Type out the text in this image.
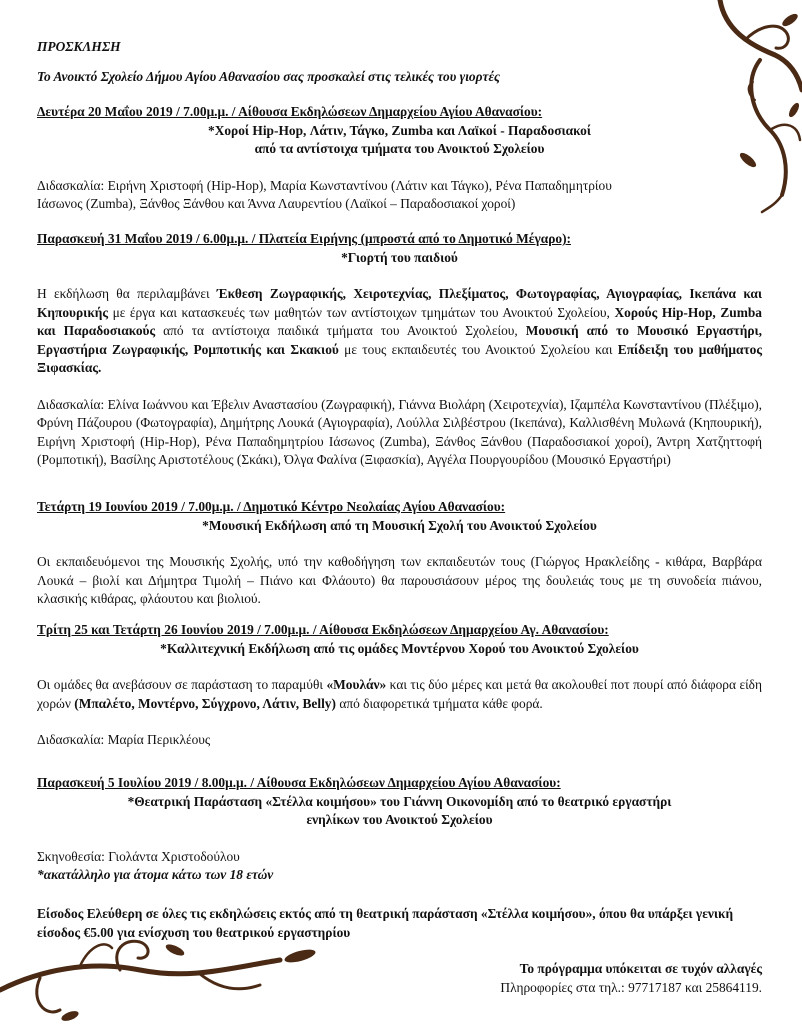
ΠΡΟΣΚΛΗΣΗ
Το Ανοικτό Σχολείο Δήμου Αγίου Αθανασίου σας προσκαλεί στις τελικές του γιορτές
Δευτέρα 20 Μαΐου 2019 / 7.00μ.μ. / Αίθουσα Εκδηλώσεων Δημαρχείου Αγίου Αθανασίου:
*Χοροί Hip-Hop, Λάτιν, Τάγκο, Zumba και Λαϊκοί - Παραδοσιακοί
από τα αντίστοιχα τμήματα του Ανοικτού Σχολείου
Διδασκαλία: Ειρήνη Χριστοφή (Hip-Hop), Μαρία Κωνσταντίνου (Λάτιν και Τάγκο), Ρένα Παπαδημητρίου
Ιάσωνος (Zumba), Ξάνθος Ξάνθου και Άννα Λαυρεντίου (Λαϊκοί – Παραδοσιακοί χοροί)
Παρασκευή 31 Μαΐου 2019 / 6.00μ.μ. / Πλατεία Ειρήνης (μπροστά από το Δημοτικό Μέγαρο):
*Γιορτή του παιδιού
Η εκδήλωση θα περιλαμβάνει Έκθεση Ζωγραφικής, Χειροτεχνίας, Πλεξίματος, Φωτογραφίας, Αγιογραφίας, Ικεπάνα και Κηπουρικής με έργα και κατασκευές των μαθητών των αντίστοιχων τμημάτων του Ανοικτού Σχολείου, Χορούς Hip-Hop, Zumba και Παραδοσιακούς από τα αντίστοιχα παιδικά τμήματα του Ανοικτού Σχολείου, Μουσική από το Μουσικό Εργαστήρι, Εργαστήρια Ζωγραφικής, Ρομποτικής και Σκακιού με τους εκπαιδευτές του Ανοικτού Σχολείου και Επίδειξη του μαθήματος Ξιφασκίας.
Διδασκαλία: Ελίνα Ιωάννου και Έβελιν Αναστασίου (Ζωγραφική), Γιάννα Βιολάρη (Χειροτεχνία), Ιζαμπέλα Κωνσταντίνου (Πλέξιμο), Φρύνη Πάζουρου (Φωτογραφία), Δημήτρης Λουκά (Αγιογραφία), Λούλλα Σιλβέστρου (Ικεπάνα), Καλλισθένη Μυλωνά (Κηπουρική), Ειρήνη Χριστοφή (Hip-Hop), Ρένα Παπαδημητρίου Ιάσωνος (Zumba), Ξάνθος Ξάνθου (Παραδοσιακοί χοροί), Άντρη Χατζηττοφή (Ρομποτική), Βασίλης Αριστοτέλους (Σκάκι), Όλγα Φαλίνα (Ξιφασκία), Αγγέλα Πουργουρίδου (Μουσικό Εργαστήρι)
Τετάρτη 19 Ιουνίου 2019 / 7.00μ.μ. / Δημοτικό Κέντρο Νεολαίας Αγίου Αθανασίου:
*Μουσική Εκδήλωση από τη Μουσική Σχολή του Ανοικτού Σχολείου
Οι εκπαιδευόμενοι της Μουσικής Σχολής, υπό την καθοδήγηση των εκπαιδευτών τους (Γιώργος Ηρακλείδης - κιθάρα, Βαρβάρα Λουκά – βιολί και Δήμητρα Τιμολή – Πιάνο και Φλάουτο) θα παρουσιάσουν μέρος της δουλειάς τους με τη συνοδεία πιάνου, κλασικής κιθάρας, φλάουτου και βιολιού.
Τρίτη 25 και Τετάρτη 26 Ιουνίου 2019 / 7.00μ.μ. / Αίθουσα Εκδηλώσεων Δημαρχείου Αγ. Αθανασίου:
*Καλλιτεχνική Εκδήλωση από τις ομάδες Μοντέρνου Χορού του Ανοικτού Σχολείου
Οι ομάδες θα ανεβάσουν σε παράσταση το παραμύθι «Μουλάν» και τις δύο μέρες και μετά θα ακολουθεί ποτ πουρί από διάφορα είδη χορών (Μπαλέτο, Μοντέρνο, Σύγχρονο, Λάτιν, Belly) από διαφορετικά τμήματα κάθε φορά.
Διδασκαλία: Μαρία Περικλέους
Παρασκευή 5 Ιουλίου 2019 / 8.00μ.μ. / Αίθουσα Εκδηλώσεων Δημαρχείου Αγίου Αθανασίου:
*Θεατρική Παράσταση «Στέλλα κοιμήσου» του Γιάννη Οικονομίδη από το θεατρικό εργαστήρι
ενηλίκων του Ανοικτού Σχολείου
Σκηνοθεσία: Γιολάντα Χριστοδούλου
*ακατάλληλο για άτομα κάτω των 18 ετών
Είσοδος Ελεύθερη σε όλες τις εκδηλώσεις εκτός από τη θεατρική παράσταση «Στέλλα κοιμήσου», όπου θα υπάρξει γενική είσοδος €5.00 για ενίσχυση του θεατρικού εργαστηρίου
Το πρόγραμμα υπόκειται σε τυχόν αλλαγές
Πληροφορίες στα τηλ.: 97717187 και 25864119.
